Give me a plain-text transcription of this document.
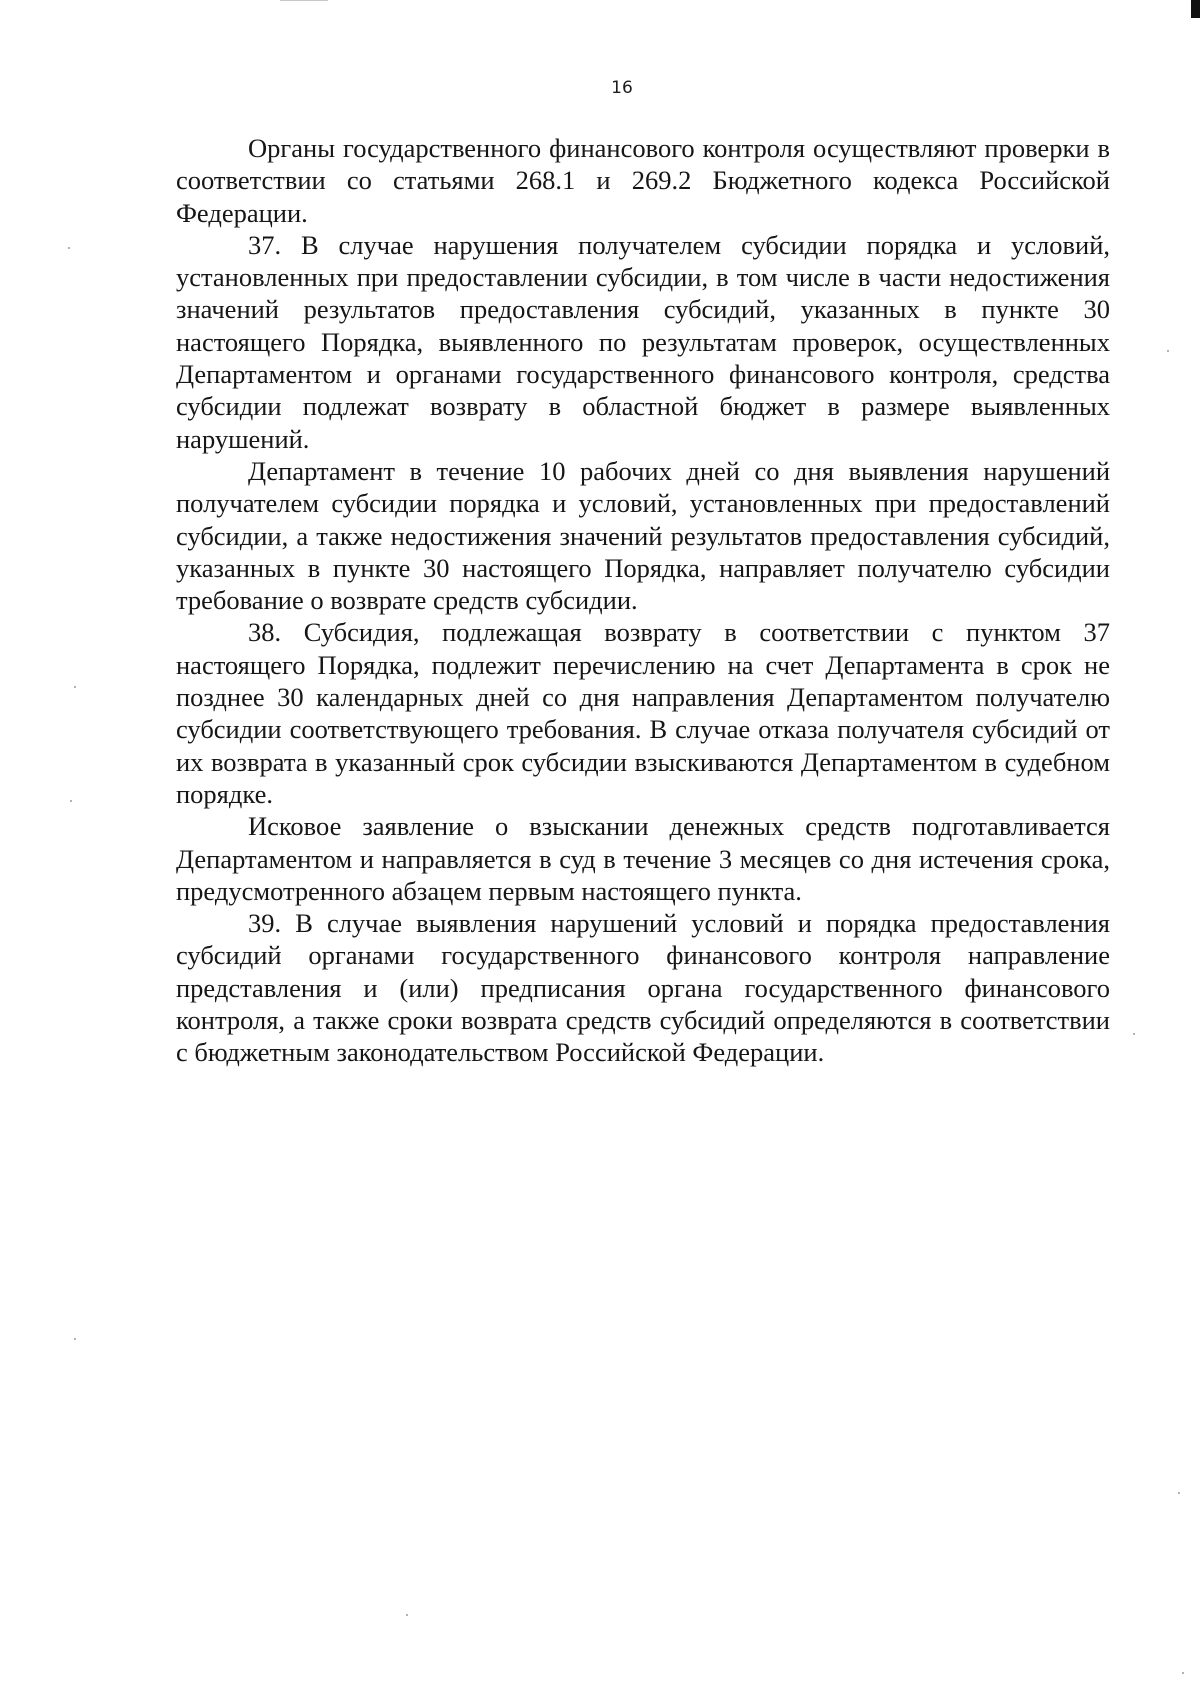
16

Органы государственного финансового контроля осуществляют проверки в соответствии со статьями 268.1 и 269.2 Бюджетного кодекса Российской Федерации.

37. В случае нарушения получателем субсидии порядка и условий, установленных при предоставлении субсидии, в том числе в части недостижения значений результатов предоставления субсидий, указанных в пункте 30 настоящего Порядка, выявленного по результатам проверок, осуществленных Департаментом и органами государственного финансового контроля, средства субсидии подлежат возврату в областной бюджет в размере выявленных нарушений.

Департамент в течение 10 рабочих дней со дня выявления нарушений получателем субсидии порядка и условий, установленных при предоставлений субсидии, а также недостижения значений результатов предоставления субсидий, указанных в пункте 30 настоящего Порядка, направляет получателю субсидии требование о возврате средств субсидии.

38. Субсидия, подлежащая возврату в соответствии с пунктом 37 настоящего Порядка, подлежит перечислению на счет Департамента в срок не позднее 30 календарных дней со дня направления Департаментом получателю субсидии соответствующего требования. В случае отказа получателя субсидий от их возврата в указанный срок субсидии взыскиваются Департаментом в судебном порядке.

Исковое заявление о взыскании денежных средств подготавливается Департаментом и направляется в суд в течение 3 месяцев со дня истечения срока, предусмотренного абзацем первым настоящего пункта.

39. В случае выявления нарушений условий и порядка предоставления субсидий органами государственного финансового контроля направление представления и (или) предписания органа государственного финансового контроля, а также сроки возврата средств субсидий определяются в соответствии с бюджетным законодательством Российской Федерации.
